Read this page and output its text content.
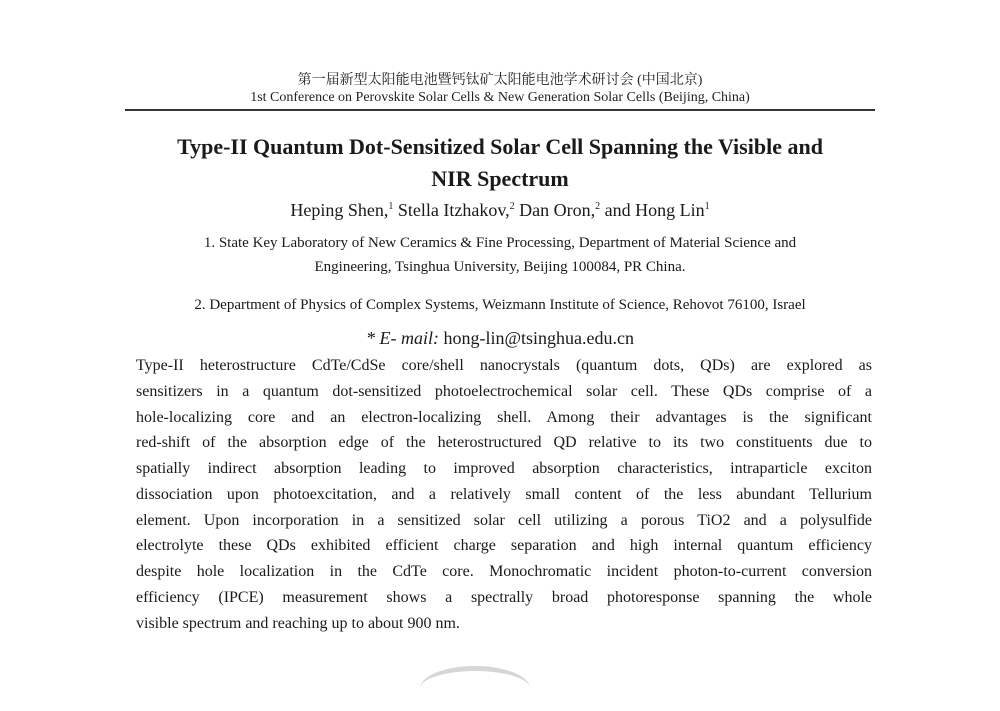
第一届新型太阳能电池暨钙钛矿太阳能电池学术研讨会 (中国北京)
1st Conference on Perovskite Solar Cells & New Generation Solar Cells (Beijing, China)
Type-II Quantum Dot-Sensitized Solar Cell Spanning the Visible and
NIR Spectrum
Heping Shen,$^1$ Stella Itzhakov,$^2$ Dan Oron,$^2$ and Hong Lin$^1$
1. State Key Laboratory of New Ceramics & Fine Processing, Department of Material Science and
Engineering, Tsinghua University, Beijing 100084, PR China.
2. Department of Physics of Complex Systems, Weizmann Institute of Science, Rehovot 76100, Israel
* E- mail: hong-lin@tsinghua.edu.cn
Type-II heterostructure CdTe/CdSe core/shell nanocrystals (quantum dots, QDs) are explored as
sensitizers in a quantum dot-sensitized photoelectrochemical solar cell. These QDs comprise of a
hole-localizing core and an electron-localizing shell. Among their advantages is the significant
red-shift of the absorption edge of the heterostructured QD relative to its two constituents due to
spatially indirect absorption leading to improved absorption characteristics, intraparticle exciton
dissociation upon photoexcitation, and a relatively small content of the less abundant Tellurium
element. Upon incorporation in a sensitized solar cell utilizing a porous TiO2 and a polysulfide
electrolyte these QDs exhibited efficient charge separation and high internal quantum efficiency
despite hole localization in the CdTe core. Monochromatic incident photon-to-current conversion
efficiency (IPCE) measurement shows a spectrally broad photoresponse spanning the whole
visible spectrum and reaching up to about 900 nm.
